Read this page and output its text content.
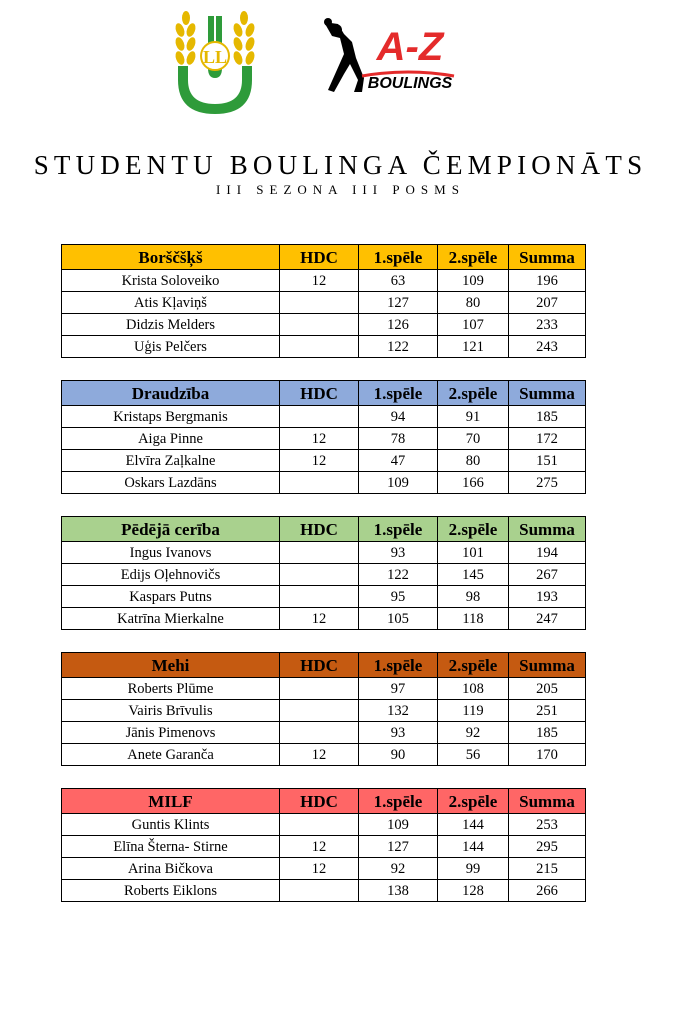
LL	A-Z
BOULINGS
STUDENTU BOULINGA ČEMPIONĀTS
III SEZONA III POSMS
Borščšķš	HDC	1.spēle	2.spēle	Summa
Krista Soloveiko	12	63	109	196
Atis Kļaviņš		127	80	207
Didzis Melders		126	107	233
Uģis Pelčers		122	121	243
Draudzība	HDC	1.spēle	2.spēle	Summa
Kristaps Bergmanis		94	91	185
Aiga Pinne	12	78	70	172
Elvīra Zaļkalne	12	47	80	151
Oskars Lazdāns		109	166	275
Pēdējā cerība	HDC	1.spēle	2.spēle	Summa
Ingus Ivanovs		93	101	194
Edijs Oļehnovičs		122	145	267
Kaspars Putns		95	98	193
Katrīna Mierkalne	12	105	118	247
Mehi	HDC	1.spēle	2.spēle	Summa
Roberts Plūme		97	108	205
Vairis Brīvulis		132	119	251
Jānis Pimenovs		93	92	185
Anete Garanča	12	90	56	170
MILF	HDC	1.spēle	2.spēle	Summa
Guntis Klints		109	144	253
Elīna Šterna- Stirne	12	127	144	295
Arina Bičkova	12	92	99	215
Roberts Eiklons		138	128	266
